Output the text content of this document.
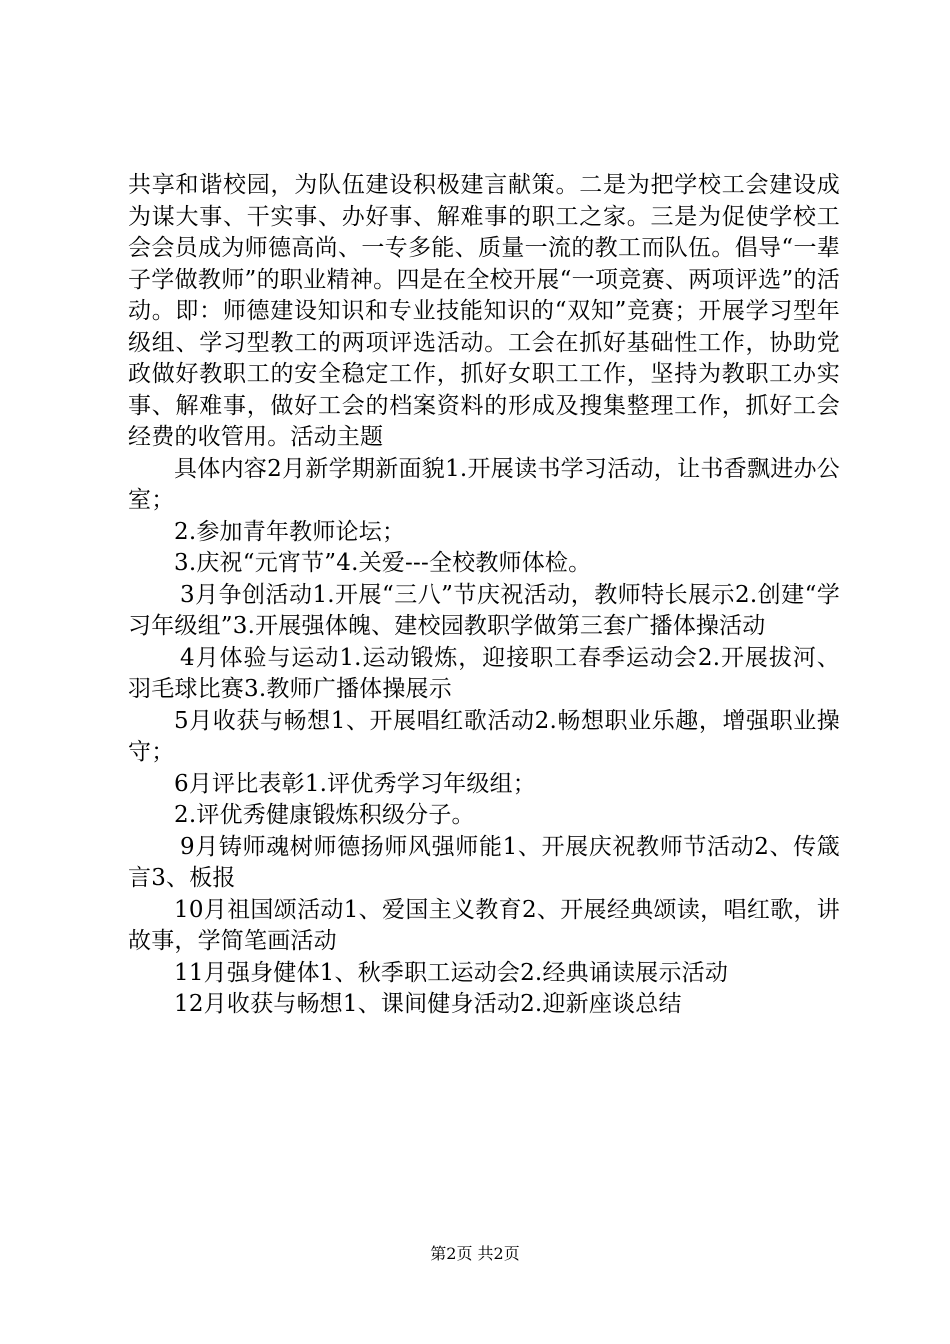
共享和谐校园，为队伍建设积极建言献策。二是为把学校工会建设成为谋大事、干实事、办好事、解难事的职工之家。三是为促使学校工会会员成为师德高尚、一专多能、质量一流的教工而队伍。倡导“一辈子学做教师”的职业精神。四是在全校开展“一项竞赛、两项评选”的活动。即：师德建设知识和专业技能知识的“双知”竞赛；开展学习型年级组、学习型教工的两项评选活动。工会在抓好基础性工作，协助党政做好教职工的安全稳定工作，抓好女职工工作，坚持为教职工办实事、解难事，做好工会的档案资料的形成及搜集整理工作，抓好工会经费的收管用。活动主题

具体内容2月新学期新面貌1.开展读书学习活动，让书香飘进办公室；

2.参加青年教师论坛；

3.庆祝“元宵节”4.关爱---全校教师体检。

3月争创活动1.开展“三八”节庆祝活动，教师特长展示2.创建“学习年级组”3.开展强体魄、建校园教职学做第三套广播体操活动

4月体验与运动1.运动锻炼，迎接职工春季运动会2.开展拔河、羽毛球比赛3.教师广播体操展示

5月收获与畅想1、开展唱红歌活动2.畅想职业乐趣，增强职业操守；

6月评比表彰1.评优秀学习年级组；

2.评优秀健康锻炼积级分子。

9月铸师魂树师德扬师风强师能1、开展庆祝教师节活动2、传箴言3、板报

10月祖国颂活动1、爱国主义教育2、开展经典颂读，唱红歌，讲故事，学简笔画活动

11月强身健体1、秋季职工运动会2.经典诵读展示活动

12月收获与畅想1、课间健身活动2.迎新座谈总结

第2页 共2页
